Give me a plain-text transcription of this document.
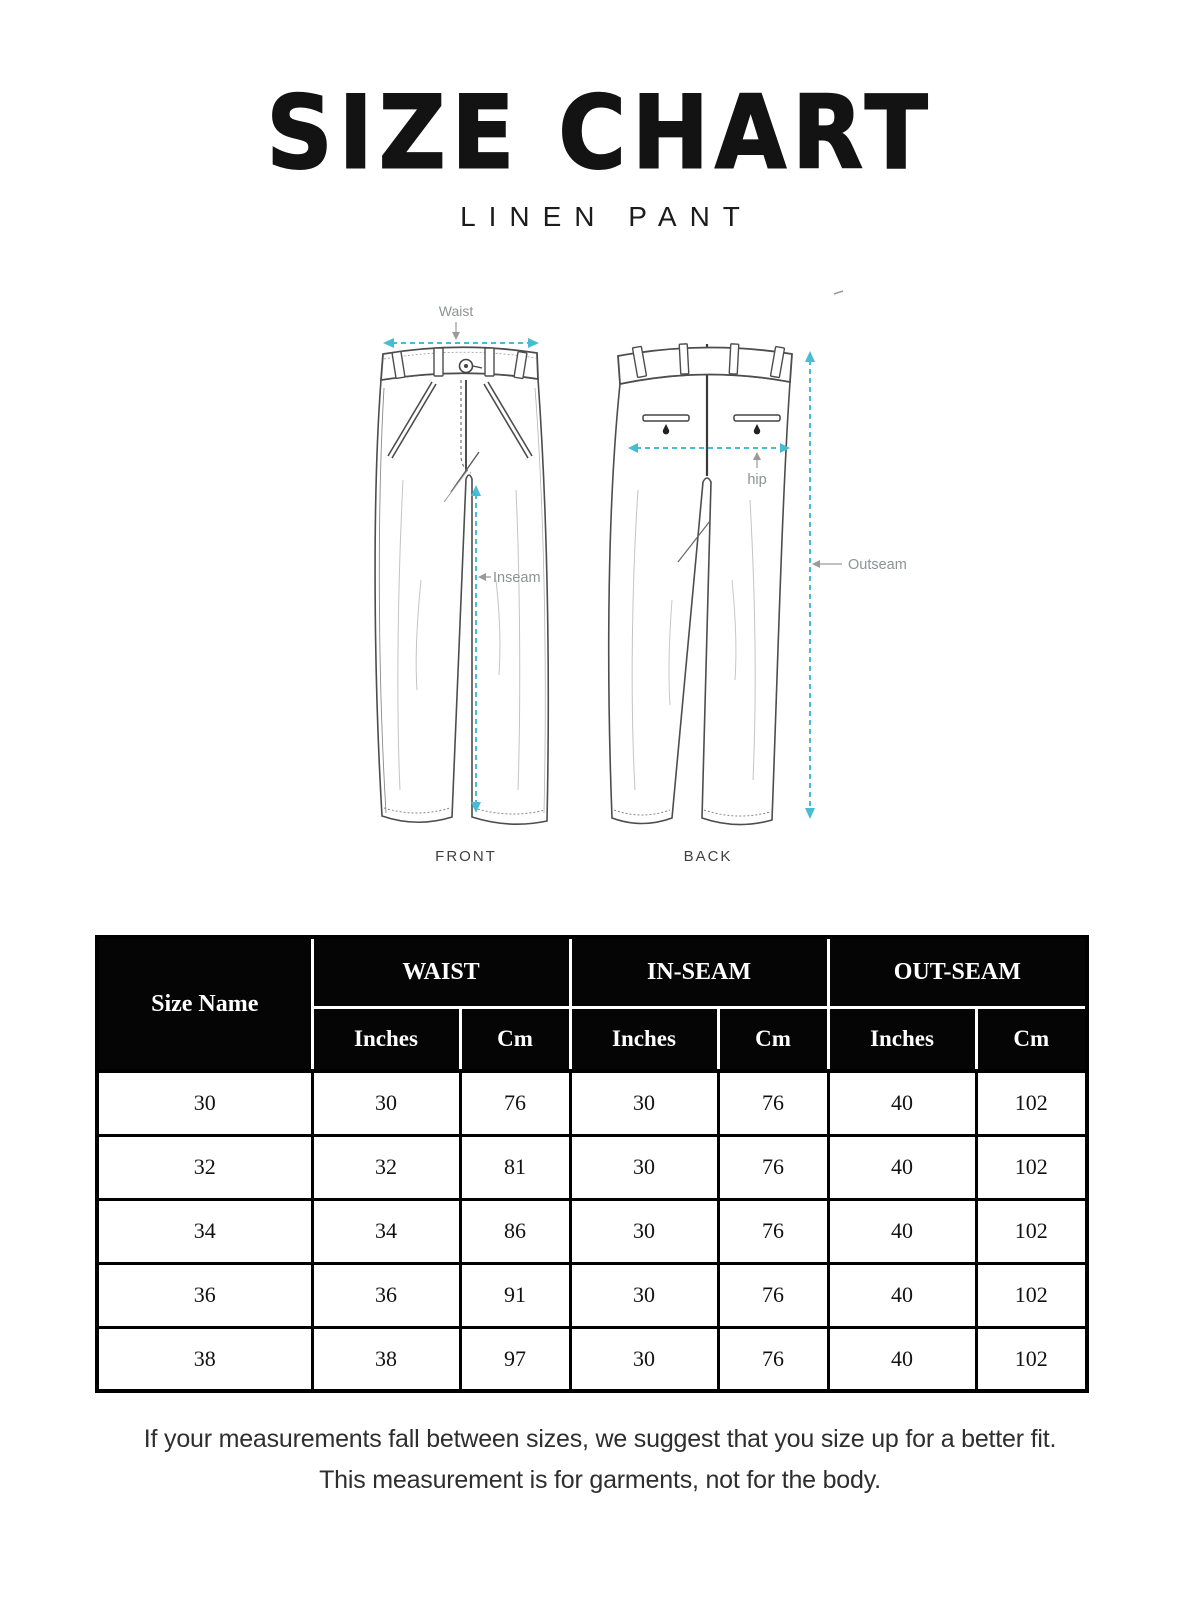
SIZE CHART
LINEN PANT
Waist
Inseam
hip
Outseam
FRONT	BACK
Size Name	WAIST		IN-SEAM		OUT-SEAM	
	Inches	Cm	Inches	Cm	Inches	Cm
30	30	76	30	76	40	102
32	32	81	30	76	40	102
34	34	86	30	76	40	102
36	36	91	30	76	40	102
38	38	97	30	76	40	102

If your measurements fall between sizes, we suggest that you size up for a better fit.

This measurement is for garments, not for the body.
